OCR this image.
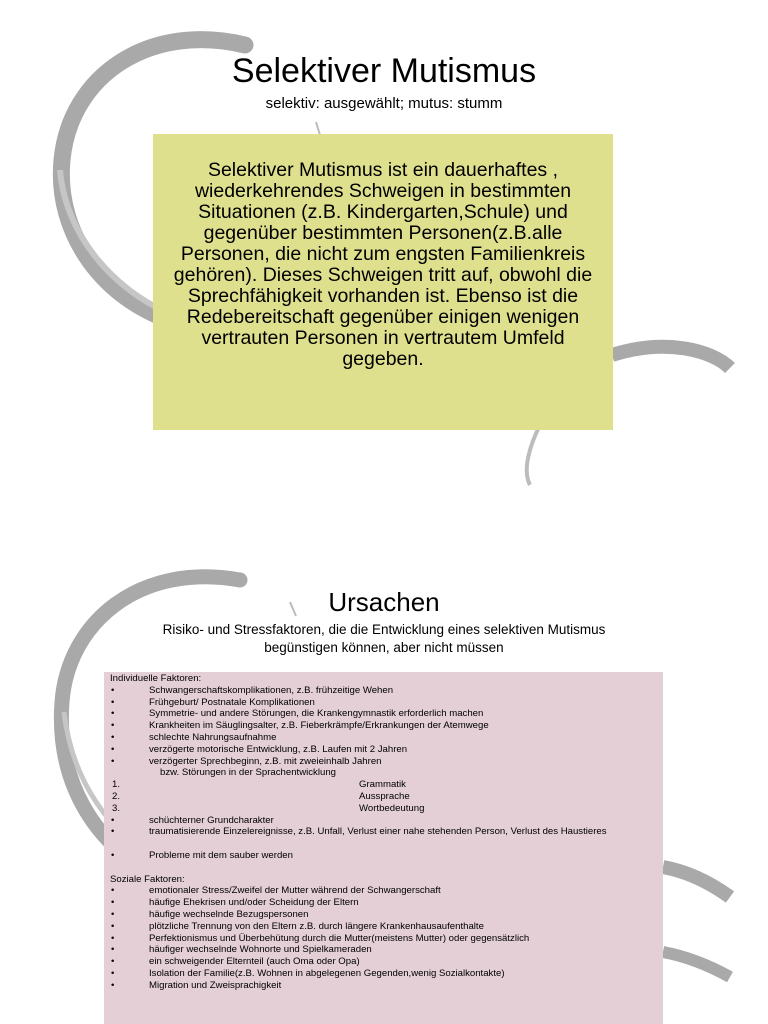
Selektiver Mutismus
selektiv: ausgewählt; mutus: stumm

Selektiver Mutismus ist ein dauerhaftes , wiederkehrendes Schweigen in bestimmten Situationen (z.B. Kindergarten,Schule) und gegenüber bestimmten Personen(z.B.alle Personen, die nicht zum engsten Familienkreis gehören). Dieses Schweigen tritt auf, obwohl die Sprechfähigkeit vorhanden ist. Ebenso ist die Redebereitschaft gegenüber einigen wenigen vertrauten Personen in vertrautem Umfeld gegeben.

Ursachen
Risiko- und Stressfaktoren, die die Entwicklung eines selektiven Mutismus begünstigen können, aber nicht müssen
Individuelle Faktoren:
•	Schwangerschaftskomplikationen, z.B. frühzeitige Wehen
•	Frühgeburt/ Postnatale Komplikationen
•	Symmetrie- und andere Störungen, die Krankengymnastik erforderlich machen
•	Krankheiten im Säuglingsalter, z.B. Fieberkrämpfe/Erkrankungen der Atemwege
•	schlechte Nahrungsaufnahme
•	verzögerte motorische Entwicklung, z.B. Laufen mit 2 Jahren
•	verzögerter Sprechbeginn, z.B. mit zweieinhalb Jahren
bzw. Störungen in der Sprachentwicklung
1.	Grammatik
2.	Aussprache
3.	Wortbedeutung
•	schüchterner Grundcharakter
•	traumatisierende Einzelereignisse, z.B. Unfall, Verlust einer nahe stehenden Person, Verlust des Haustieres
•	Probleme mit dem sauber werden
Soziale Faktoren:
•	emotionaler Stress/Zweifel der Mutter während der Schwangerschaft
•	häufige Ehekrisen und/oder Scheidung der Eltern
•	häufige wechselnde Bezugspersonen
•	plötzliche Trennung von den Eltern z.B. durch längere Krankenhausaufenthalte
•	Perfektionismus und Überbehütung durch die Mutter(meistens Mutter) oder gegensätzlich
•	häufiger wechselnde Wohnorte und Spielkameraden
•	ein schweigender Elternteil (auch Oma oder Opa)
•	Isolation der Familie(z.B. Wohnen in abgelegenen Gegenden,wenig Sozialkontakte)
•	Migration und Zweisprachigkeit
